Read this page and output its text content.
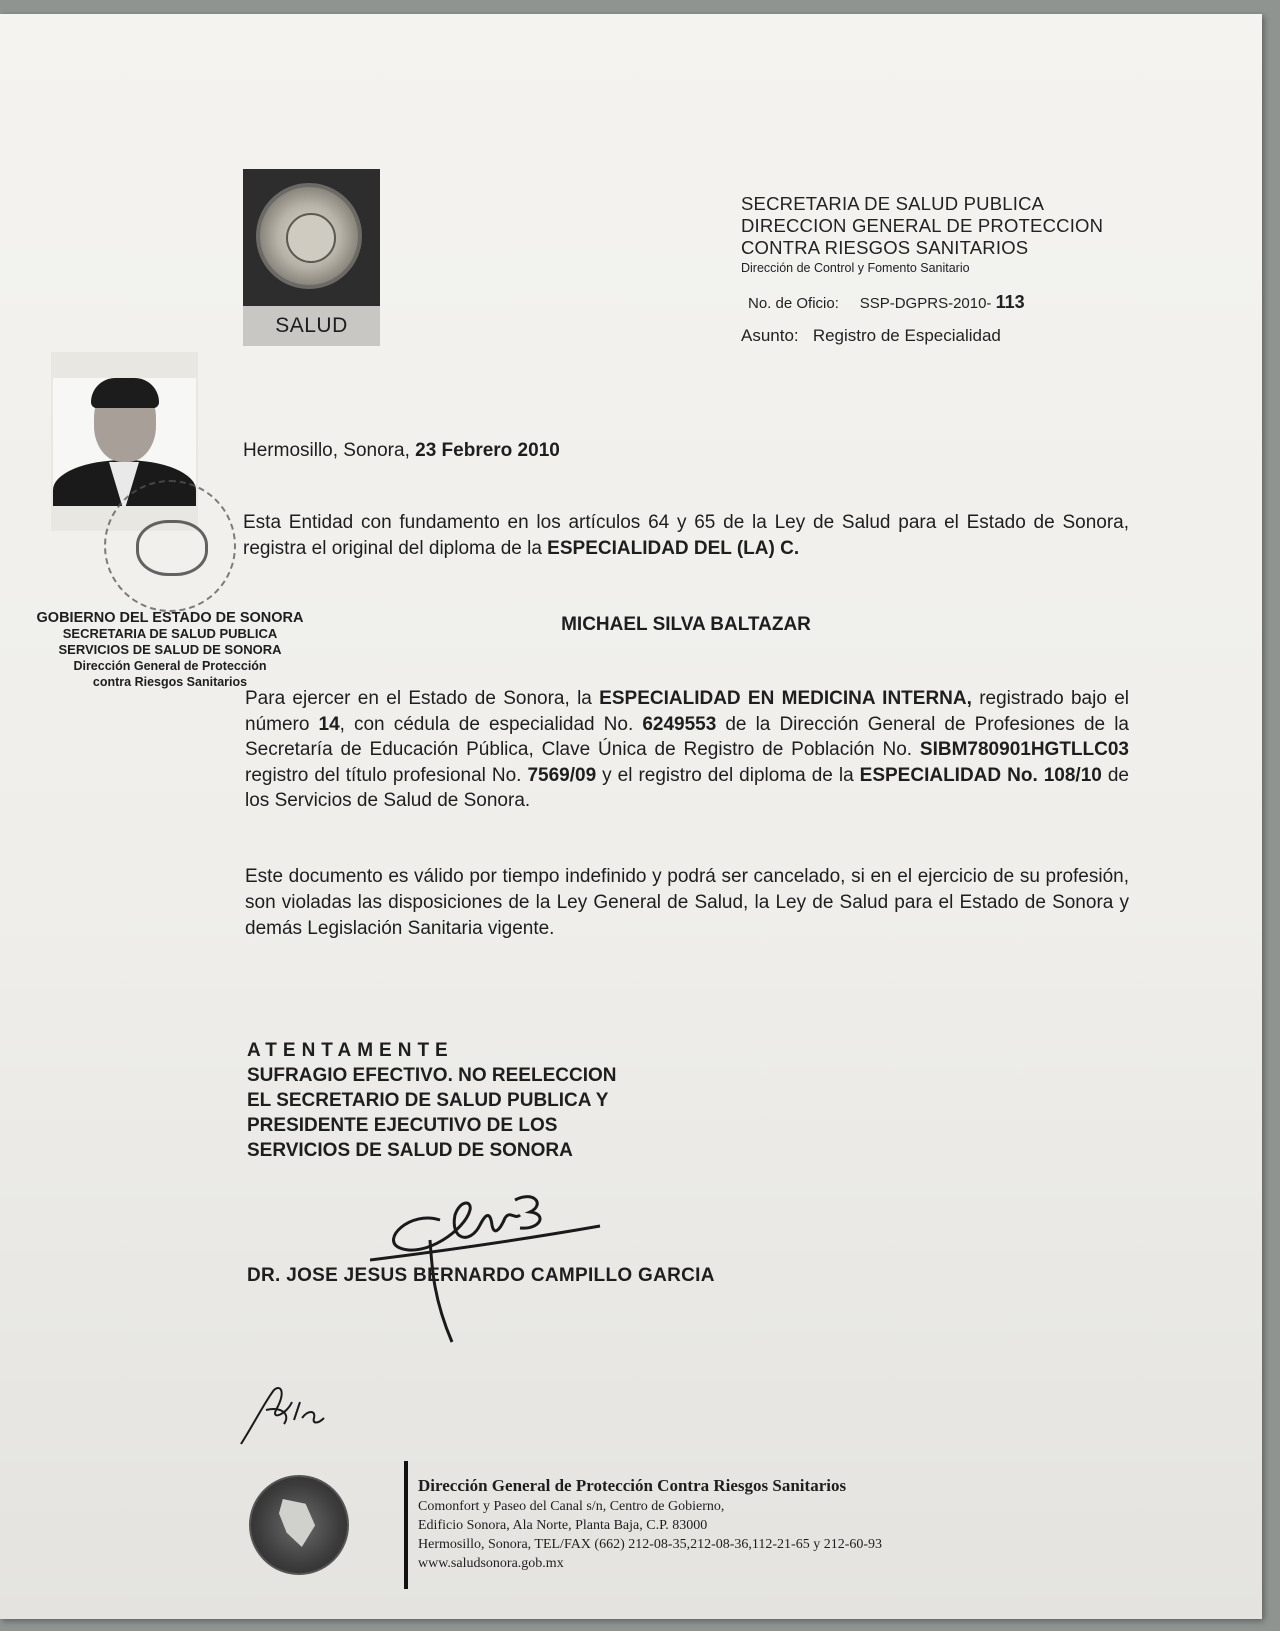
SALUD
SECRETARIA DE SALUD PUBLICA
DIRECCION GENERAL DE PROTECCION
CONTRA RIESGOS SANITARIOS
Dirección de Control y Fomento Sanitario
No. de Oficio: SSP-DGPRS-2010- 113
Asunto: Registro de Especialidad
GOBIERNO DEL ESTADO DE SONORA
SECRETARIA DE SALUD PUBLICA
SERVICIOS DE SALUD DE SONORA
Dirección General de Protección
contra Riesgos Sanitarios
Hermosillo, Sonora, 23 Febrero 2010
Esta Entidad con fundamento en los artículos 64 y 65 de la Ley de Salud para el Estado de Sonora, registra el original del diploma de la ESPECIALIDAD DEL (LA) C.
MICHAEL SILVA BALTAZAR
Para ejercer en el Estado de Sonora, la ESPECIALIDAD EN MEDICINA INTERNA, registrado bajo el número 14, con cédula de especialidad No. 6249553 de la Dirección General de Profesiones de la Secretaría de Educación Pública, Clave Única de Registro de Población No. SIBM780901HGTLLC03 registro del título profesional No. 7569/09 y el registro del diploma de la ESPECIALIDAD No. 108/10 de los Servicios de Salud de Sonora.
Este documento es válido por tiempo indefinido y podrá ser cancelado, si en el ejercicio de su profesión, son violadas las disposiciones de la Ley General de Salud, la Ley de Salud para el Estado de Sonora y demás Legislación Sanitaria vigente.
ATENTAMENTE
SUFRAGIO EFECTIVO. NO REELECCION
EL SECRETARIO DE SALUD PUBLICA Y
PRESIDENTE EJECUTIVO DE LOS
SERVICIOS DE SALUD DE SONORA
DR. JOSE JESUS BERNARDO CAMPILLO GARCIA
Dirección General de Protección Contra Riesgos Sanitarios
Comonfort y Paseo del Canal s/n, Centro de Gobierno,
Edificio Sonora, Ala Norte, Planta Baja, C.P. 83000
Hermosillo, Sonora, TEL/FAX (662) 212-08-35,212-08-36,112-21-65 y 212-60-93
www.saludsonora.gob.mx
